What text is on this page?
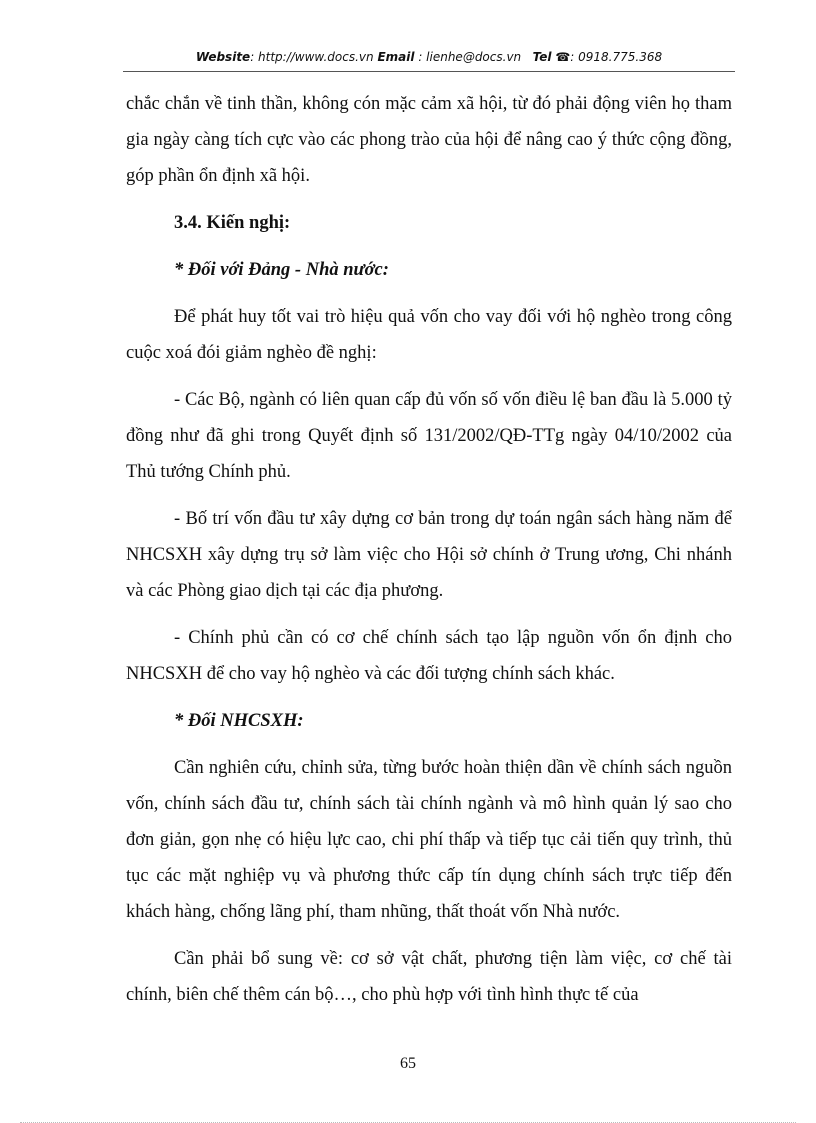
Website: http://www.docs.vn Email : lienhe@docs.vn Tel ☎: 0918.775.368

chắc chắn về tinh thần, không cón mặc cảm xã hội, từ đó phải động viên họ tham gia ngày càng tích cực vào các phong trào của hội để nâng cao ý thức cộng đồng, góp phần ổn định xã hội.

3.4. Kiến nghị:

* Đối với Đảng - Nhà nước:

Để phát huy tốt vai trò hiệu quả vốn cho vay đối với hộ nghèo trong công cuộc xoá đói giảm nghèo đề nghị:

- Các Bộ, ngành có liên quan cấp đủ vốn số vốn điều lệ ban đầu là 5.000 tỷ đồng như đã ghi trong Quyết định số 131/2002/QĐ-TTg ngày 04/10/2002 của Thủ tướng Chính phủ.

- Bố trí vốn đầu tư xây dựng cơ bản trong dự toán ngân sách hàng năm để NHCSXH xây dựng trụ sở làm việc cho Hội sở chính ở Trung ương, Chi nhánh và các Phòng giao dịch tại các địa phương.

- Chính phủ cần có cơ chế chính sách tạo lập nguồn vốn ổn định cho NHCSXH để cho vay hộ nghèo và các đối tượng chính sách khác.

* Đối NHCSXH:

Cần nghiên cứu, chỉnh sửa, từng bước hoàn thiện dần về chính sách nguồn vốn, chính sách đầu tư, chính sách tài chính ngành và mô hình quản lý sao cho đơn giản, gọn nhẹ có hiệu lực cao, chi phí thấp và tiếp tục cải tiến quy trình, thủ tục các mặt nghiệp vụ và phương thức cấp tín dụng chính sách trực tiếp đến khách hàng, chống lãng phí, tham nhũng, thất thoát vốn Nhà nước.

Cần phải bổ sung về: cơ sở vật chất, phương tiện làm việc, cơ chế tài chính, biên chế thêm cán bộ…, cho phù hợp với tình hình thực tế của

65
